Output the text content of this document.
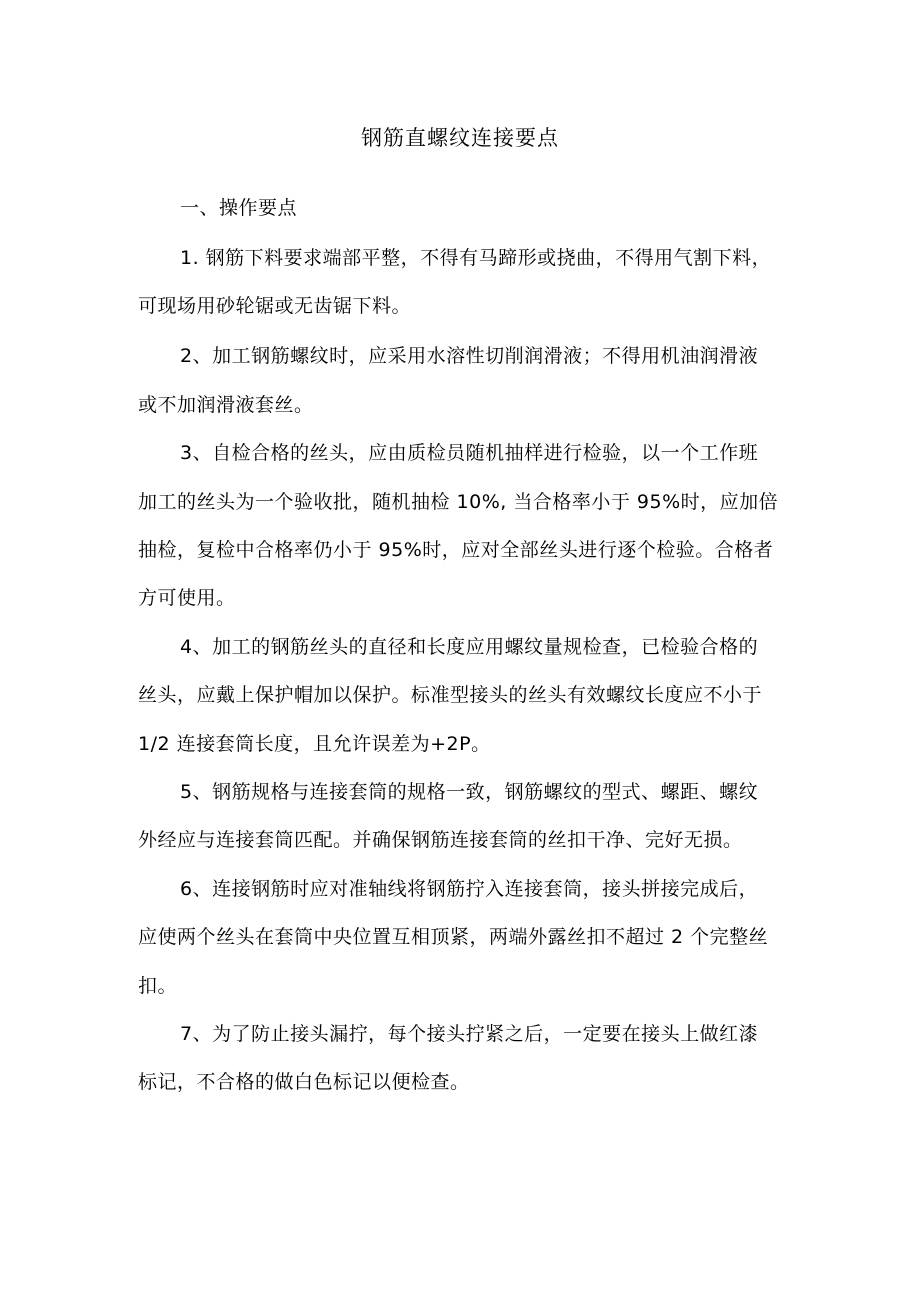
钢筋直螺纹连接要点
一、操作要点
1. 钢筋下料要求端部平整，不得有马蹄形或挠曲，不得用气割下料，
可现场用砂轮锯或无齿锯下料。
2、加工钢筋螺纹时，应采用水溶性切削润滑液；不得用机油润滑液
或不加润滑液套丝。
3、自检合格的丝头，应由质检员随机抽样进行检验，以一个工作班
加工的丝头为一个验收批，随机抽检 10%, 当合格率小于 95%时，应加倍
抽检，复检中合格率仍小于 95%时，应对全部丝头进行逐个检验。合格者
方可使用。
4、加工的钢筋丝头的直径和长度应用螺纹量规检查，已检验合格的
丝头，应戴上保护帽加以保护。标准型接头的丝头有效螺纹长度应不小于
1/2 连接套筒长度，且允许误差为+2P。
5、钢筋规格与连接套筒的规格一致，钢筋螺纹的型式、螺距、螺纹
外经应与连接套筒匹配。并确保钢筋连接套筒的丝扣干净、完好无损。
6、连接钢筋时应对准轴线将钢筋拧入连接套筒，接头拼接完成后，
应使两个丝头在套筒中央位置互相顶紧，两端外露丝扣不超过 2 个完整丝
扣。
7、为了防止接头漏拧，每个接头拧紧之后，一定要在接头上做红漆
标记，不合格的做白色标记以便检查。
